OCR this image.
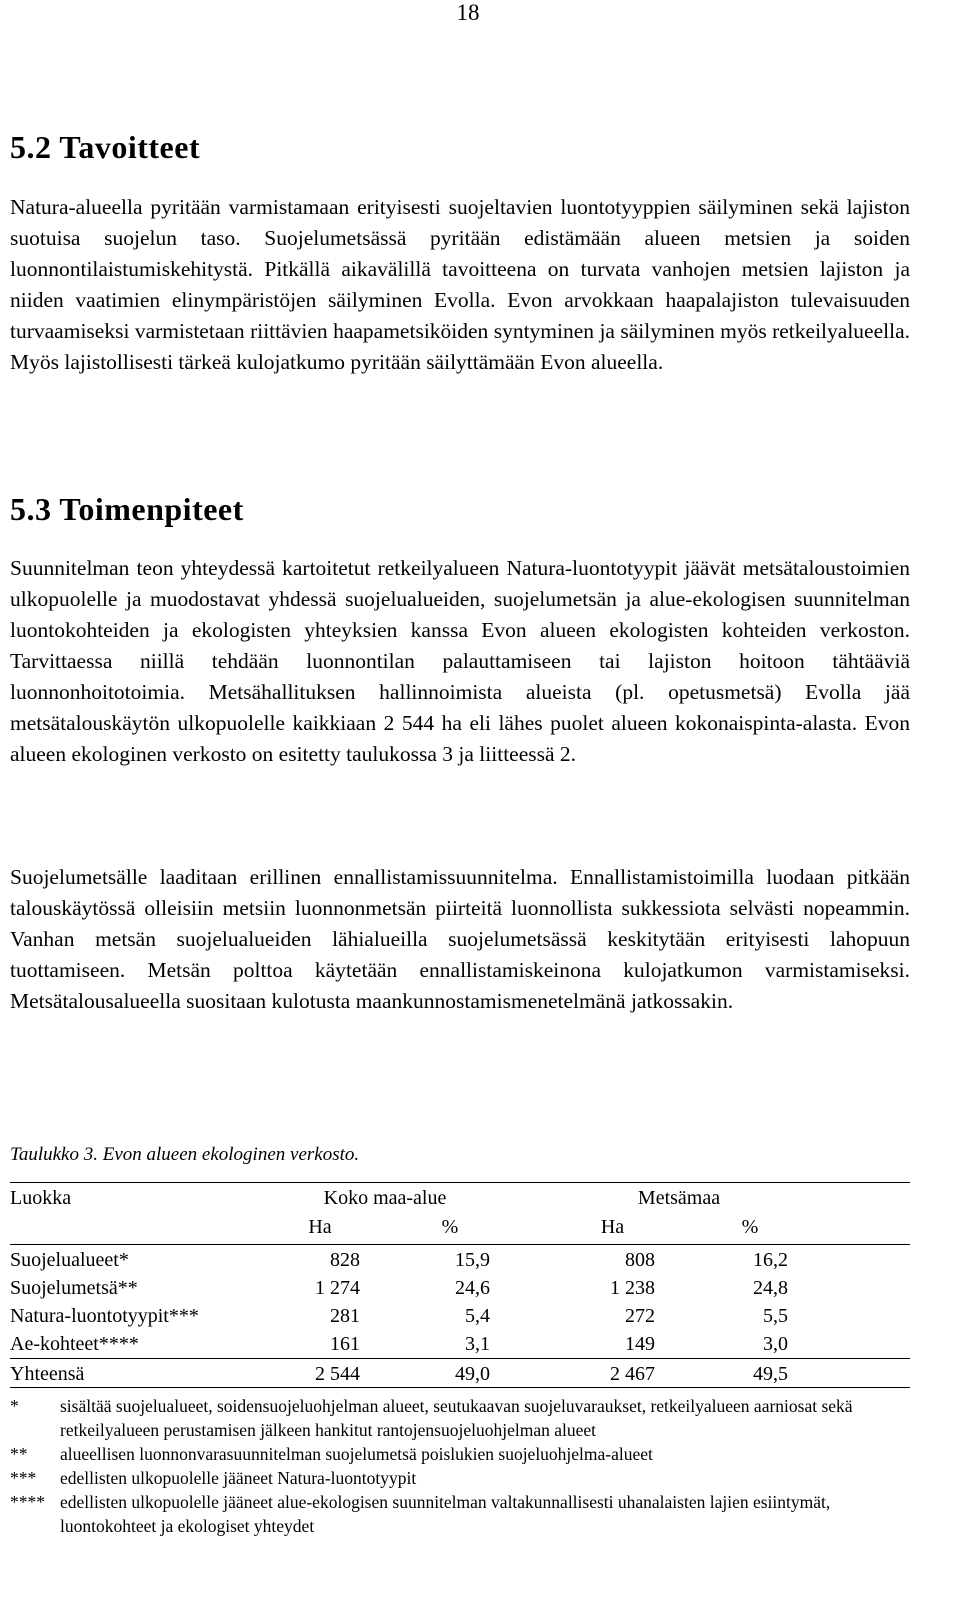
18
5.2 Tavoitteet

Natura-alueella pyritään varmistamaan erityisesti suojeltavien luontotyyppien säilyminen sekä lajiston suotuisa suojelun taso. Suojelumetsässä pyritään edistämään alueen metsien ja soiden luonnontilaistumiskehitystä. Pitkällä aikavälillä tavoitteena on turvata vanhojen metsien lajiston ja niiden vaatimien elinympäristöjen säilyminen Evolla. Evon arvokkaan haapalajiston tulevaisuuden turvaamiseksi varmistetaan riittävien haapametsiköiden syntyminen ja säilyminen myös retkeilyalueella. Myös lajistollisesti tärkeä kulojatkumo pyritään säilyttämään Evon alueella.

5.3 Toimenpiteet

Suunnitelman teon yhteydessä kartoitetut retkeilyalueen Natura-luontotyypit jäävät metsätaloustoimien ulkopuolelle ja muodostavat yhdessä suojelualueiden, suojelumetsän ja alue-ekologisen suunnitelman luontokohteiden ja ekologisten yhteyksien kanssa Evon alueen ekologisten kohteiden verkoston. Tarvittaessa niillä tehdään luonnontilan palauttamiseen tai lajiston hoitoon tähtääviä luonnonhoitotoimia. Metsähallituksen hallinnoimista alueista (pl. opetusmetsä) Evolla jää metsätalouskäytön ulkopuolelle kaikkiaan 2 544 ha eli lähes puolet alueen kokonaispinta-alasta. Evon alueen ekologinen verkosto on esitetty taulukossa 3 ja liitteessä 2.

Suojelumetsälle laaditaan erillinen ennallistamissuunnitelma. Ennallistamistoimilla luodaan pitkään talouskäytössä olleisiin metsiin luonnonmetsän piirteitä luonnollista sukkessiota selvästi nopeammin. Vanhan metsän suojelualueiden lähialueilla suojelumetsässä keskitytään erityisesti lahopuun tuottamiseen. Metsän polttoa käytetään ennallistamiskeinona kulojatkumon varmistamiseksi. Metsätalousalueella suositaan kulotusta maankunnostamismenetelmänä jatkossakin.

Taulukko 3. Evon alueen ekologinen verkosto.

Luokka	Koko maa-alue	Metsämaa
Ha	%	Ha	%
Suojelualueet*	828	15,9	808	16,2
Suojelumetsä**	1 274	24,6	1 238	24,8
Natura-luontotyypit***	281	5,4	272	5,5
Ae-kohteet****	161	3,1	149	3,0
Yhteensä	2 544	49,0	2 467	49,5
* sisältää suojelualueet, soidensuojeluohjelman alueet, seutukaavan suojeluvaraukset, retkeilyalueen aarniosat sekä retkeilyalueen perustamisen jälkeen hankitut rantojensuojeluohjelman alueet
** alueellisen luonnonvarasuunnitelman suojelumetsä poislukien suojeluohjelma-alueet
*** edellisten ulkopuolelle jääneet Natura-luontotyypit
**** edellisten ulkopuolelle jääneet alue-ekologisen suunnitelman valtakunnallisesti uhanalaisten lajien esiintymät, luontokohteet ja ekologiset yhteydet
